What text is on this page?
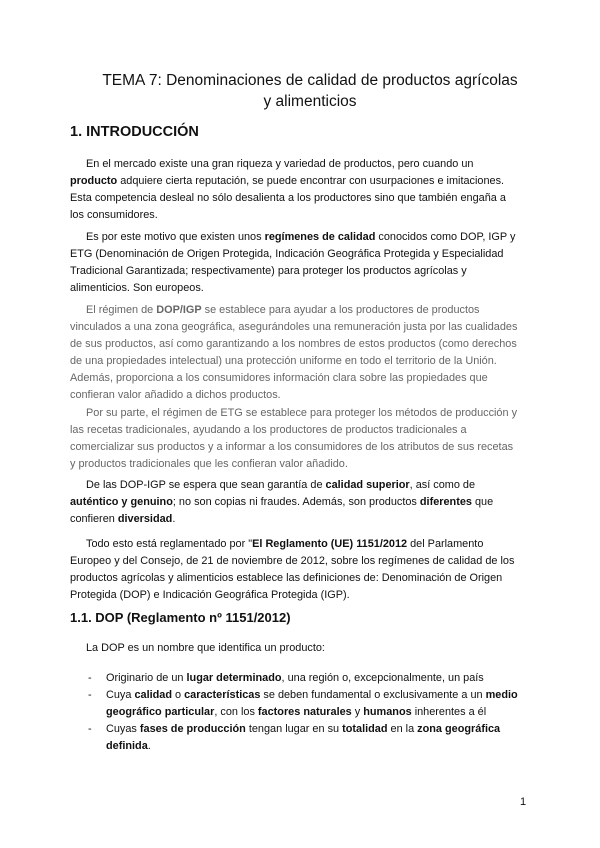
TEMA 7: Denominaciones de calidad de productos agrícolas
y alimenticios
1. INTRODUCCIÓN
En el mercado existe una gran riqueza y variedad de productos, pero cuando un
producto adquiere cierta reputación, se puede encontrar con usurpaciones e imitaciones.
Esta competencia desleal no sólo desalienta a los productores sino que también engaña a
los consumidores.
Es por este motivo que existen unos regímenes de calidad conocidos como DOP, IGP y
ETG (Denominación de Origen Protegida, Indicación Geográfica Protegida y Especialidad
Tradicional Garantizada; respectivamente) para proteger los productos agrícolas y
alimenticios. Son europeos.
El régimen de DOP/IGP se establece para ayudar a los productores de productos
vinculados a una zona geográfica, asegurándoles una remuneración justa por las cualidades
de sus productos, así como garantizando a los nombres de estos productos (como derechos
de una propiedades intelectual) una protección uniforme en todo el territorio de la Unión.
Además, proporciona a los consumidores información clara sobre las propiedades que
confieran valor añadido a dichos productos.
Por su parte, el régimen de ETG se establece para proteger los métodos de producción y
las recetas tradicionales, ayudando a los productores de productos tradicionales a
comercializar sus productos y a informar a los consumidores de los atributos de sus recetas
y productos tradicionales que les confieran valor añadido.
De las DOP-IGP se espera que sean garantía de calidad superior, así como de
auténtico y genuino; no son copias ni fraudes. Además, son productos diferentes que
confieren diversidad.
Todo esto está reglamentado por "El Reglamento (UE) 1151/2012 del Parlamento
Europeo y del Consejo, de 21 de noviembre de 2012, sobre los regímenes de calidad de los
productos agrícolas y alimenticios establece las definiciones de: Denominación de Origen
Protegida (DOP) e Indicación Geográfica Protegida (IGP).
1.1. DOP (Reglamento nº 1151/2012)
La DOP es un nombre que identifica un producto:
- Originario de un lugar determinado, una región o, excepcionalmente, un país
- Cuya calidad o características se deben fundamental o exclusivamente a un medio
geográfico particular, con los factores naturales y humanos inherentes a él
- Cuyas fases de producción tengan lugar en su totalidad en la zona geográfica
definida.
1
